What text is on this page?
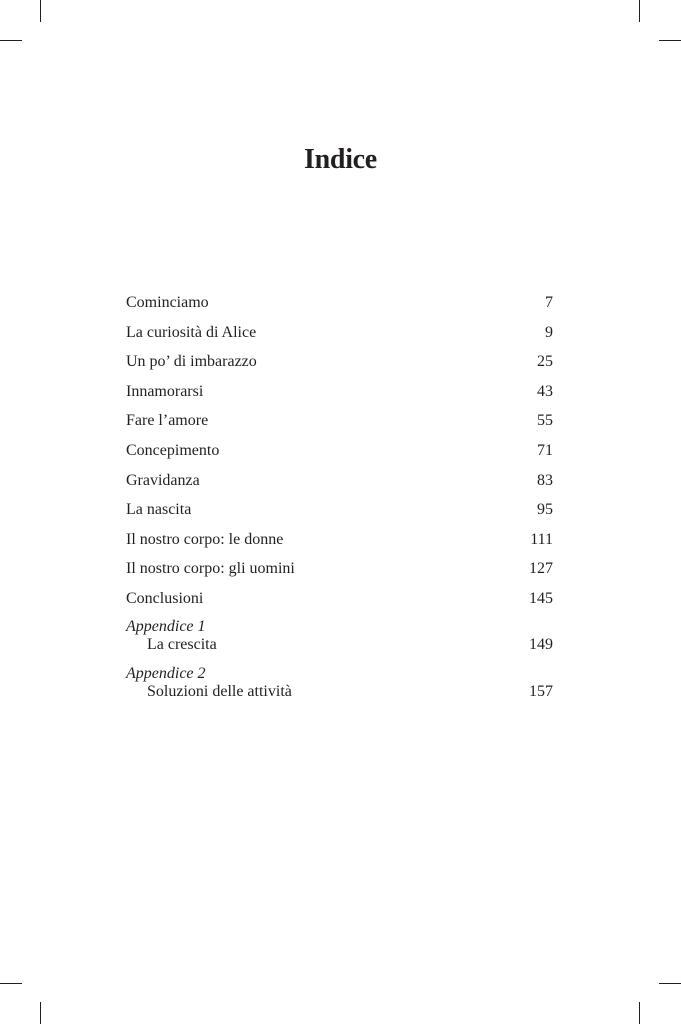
Indice
Cominciamo	7
La curiosità di Alice	9
Un po’ di imbarazzo	25
Innamorarsi	43
Fare l’amore	55
Concepimento	71
Gravidanza	83
La nascita	95
Il nostro corpo: le donne	111
Il nostro corpo: gli uomini	127
Conclusioni	145
Appendice 1
La crescita	149
Appendice 2
Soluzioni delle attività	157
